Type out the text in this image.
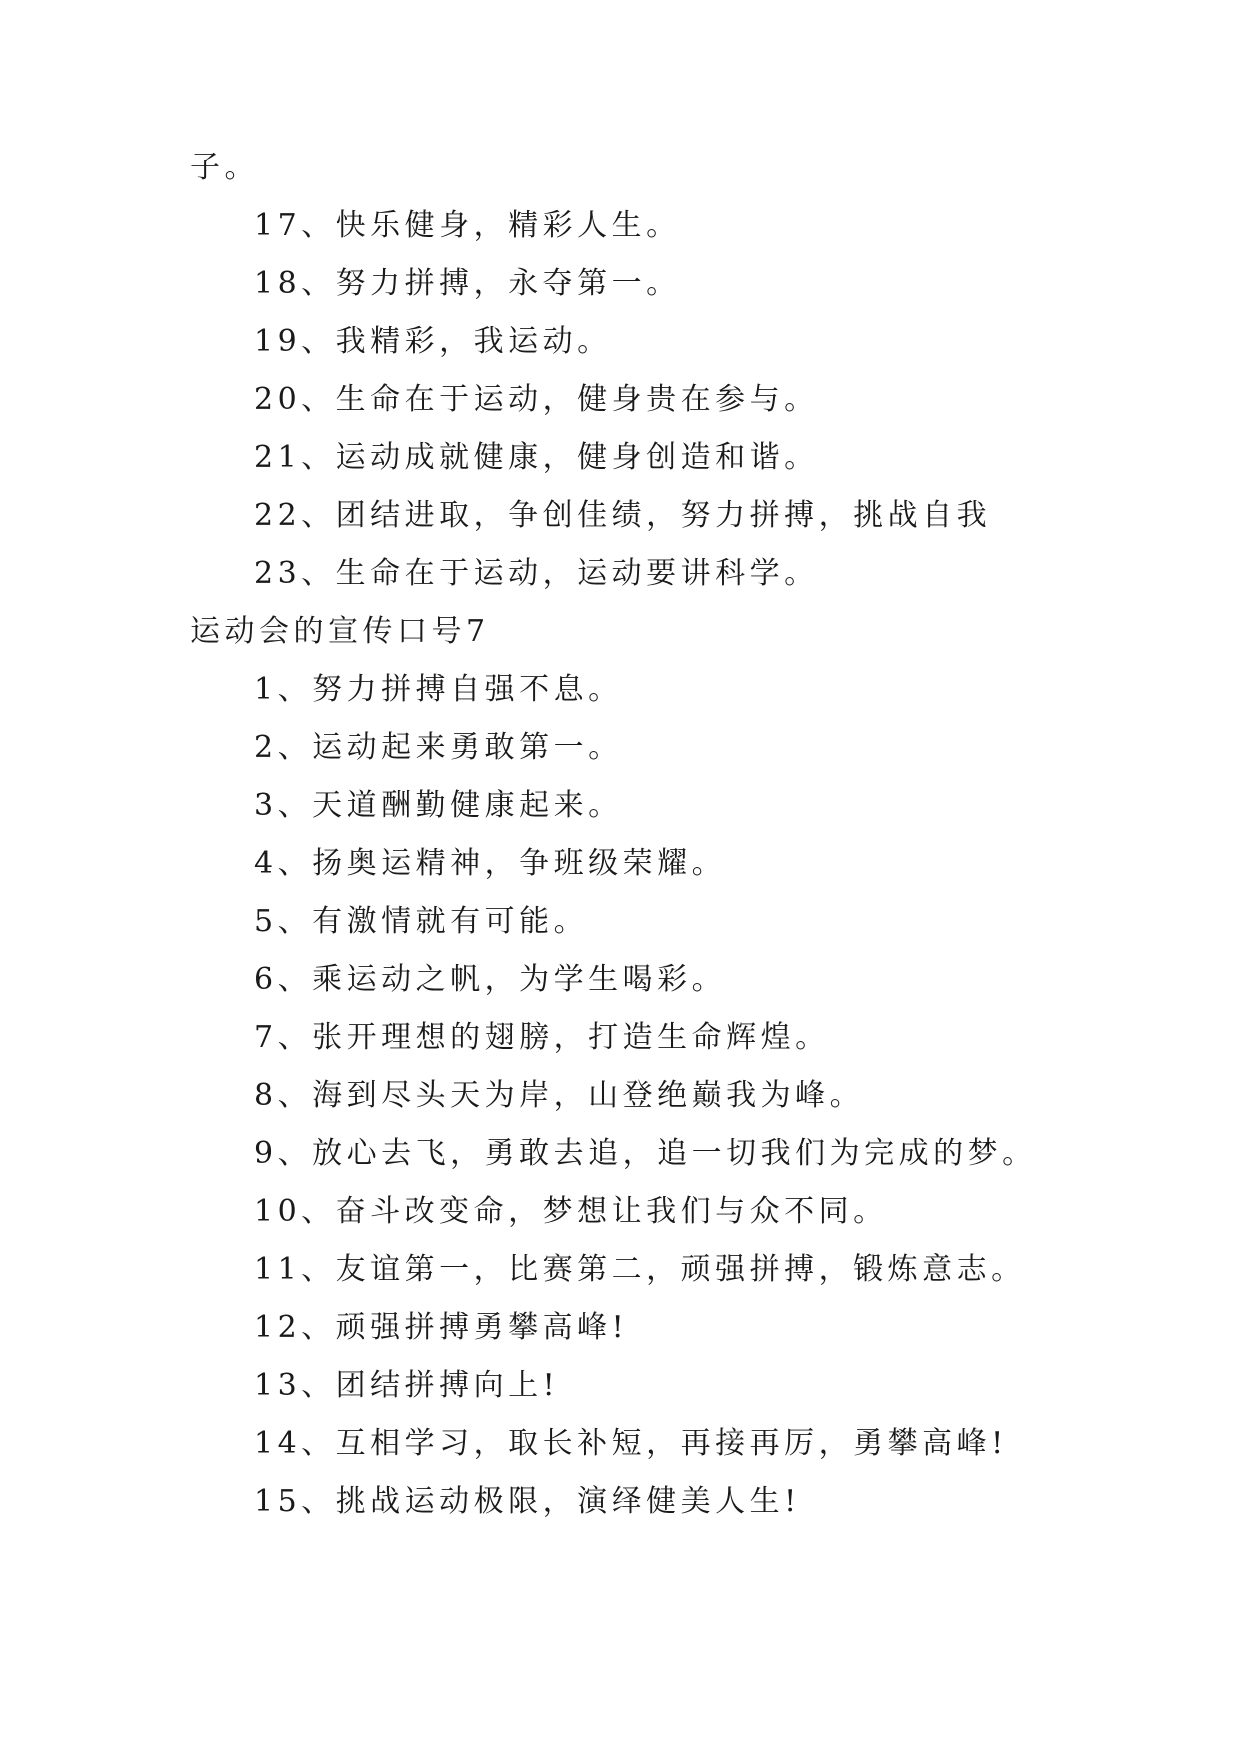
子。
17、快乐健身，精彩人生。
18、努力拼搏，永夺第一。
19、我精彩，我运动。
20、生命在于运动，健身贵在参与。
21、运动成就健康，健身创造和谐。
22、团结进取，争创佳绩，努力拼搏，挑战自我
23、生命在于运动，运动要讲科学。
运动会的宣传口号7
1、努力拼搏自强不息。
2、运动起来勇敢第一。
3、天道酬勤健康起来。
4、扬奥运精神，争班级荣耀。
5、有激情就有可能。
6、乘运动之帆，为学生喝彩。
7、张开理想的翅膀，打造生命辉煌。
8、海到尽头天为岸，山登绝巅我为峰。
9、放心去飞，勇敢去追，追一切我们为完成的梦。
10、奋斗改变命，梦想让我们与众不同。
11、友谊第一，比赛第二，顽强拼搏，锻炼意志。
12、顽强拼搏勇攀高峰!
13、团结拼搏向上!
14、互相学习，取长补短，再接再厉，勇攀高峰!
15、挑战运动极限，演绎健美人生!
